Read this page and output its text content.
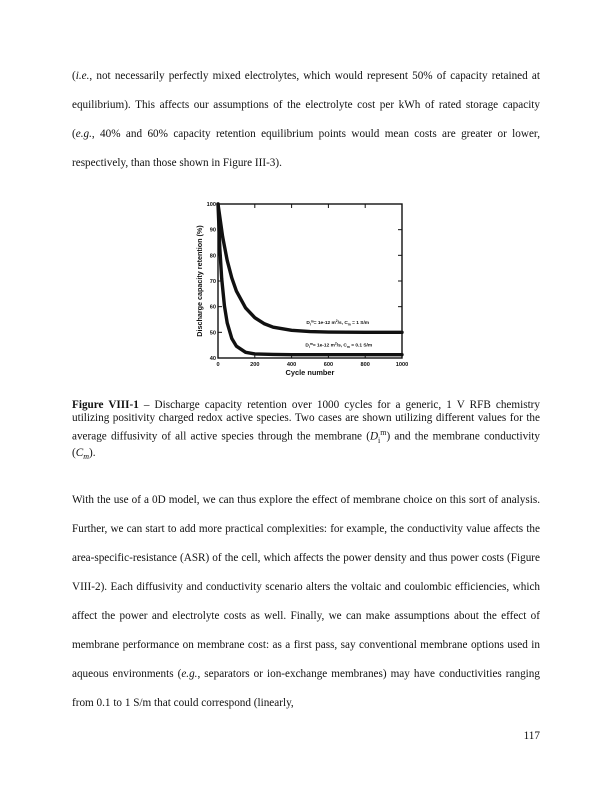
(i.e., not necessarily perfectly mixed electrolytes, which would represent 50% of capacity retained at equilibrium). This affects our assumptions of the electrolyte cost per kWh of rated storage capacity (e.g., 40% and 60% capacity retention equilibrium points would mean costs are greater or lower, respectively, than those shown in Figure III-3).

0	200	400	600	800	1000
40
50
60
70
80
90
100
Cycle number
Discharge capacity retention (%)	$D_i^m= 1e-12$ $m^2/s$, $C_m = 1$ S/m
$D_i^m= 1e-12$ $m^2/s$, $C_m = 0.1$ S/m

Figure VIII-1 – Discharge capacity retention over 1000 cycles for a generic, 1 V RFB chemistry utilizing positivity charged redox active species. Two cases are shown utilizing different values for the average diffusivity of all active species through the membrane $(D_i^m)$ and the membrane conductivity $(C_m)$.

With the use of a 0D model, we can thus explore the effect of membrane choice on this sort of analysis. Further, we can start to add more practical complexities: for example, the conductivity value affects the area-specific-resistance (ASR) of the cell, which affects the power density and thus power costs (Figure VIII-2). Each diffusivity and conductivity scenario alters the voltaic and coulombic efficiencies, which affect the power and electrolyte costs as well. Finally, we can make assumptions about the effect of membrane performance on membrane cost: as a first pass, say conventional membrane options used in aqueous environments (e.g., separators or ion-exchange membranes) may have conductivities ranging from 0.1 to 1 S/m that could correspond (linearly,

117
